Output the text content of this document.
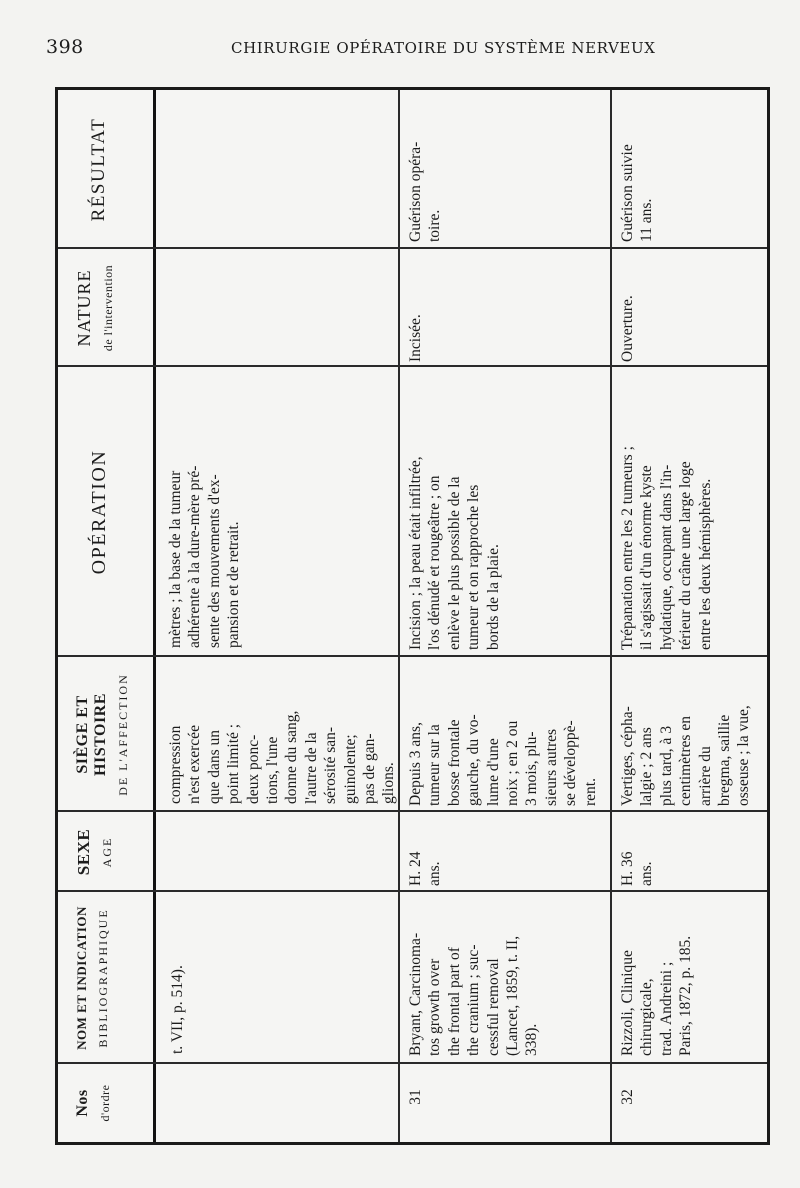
398	CHIRURGIE OPÉRATOIRE DU SYSTÈME NERVEUX
Nos d'ordre
NOM ET INDICATION BIBLIOGRAPHIQUE
SEXE AGE
SIÈGE ET HISTOIRE DE L'AFFECTION
OPÉRATION
NATURE de l'intervention
RÉSULTAT
t. VII, p. 514).
compression
n'est exercée
que dans un
point limité ;
deux ponc-
tions, l'une
donne du sang,
l'autre de la
sérosité san-
guinolente;
pas de gan-
glions.
mètres ; la base de la tumeur
adhérente à la dure-mère pré-
sente des mouvements d'ex-
pansion et de retrait.
31
Bryant, Carcinoma-
tos growth over
the frontal part of
the cranium ; suc-
cessful removal
(Lancet, 1859, t. II,
338).
H. 24
ans.
Depuis 3 ans,
tumeur sur la
bosse frontale
gauche, du vo-
lume d'une
noix ; en 2 ou
3 mois, plu-
sieurs autres
se développè-
rent.
Incision ; la peau était infiltrée,
l'os dénudé et rougeâtre ; on
enlève le plus possible de la
tumeur et on rapproche les
bords de la plaie.
Incisée.
Guérison opéra-
toire.
32
Rizzoli, Clinique
chirurgicale,
trad. Andreini ;
Paris, 1872, p. 185.
H. 36
ans.
Vertiges, cépha-
lalgie ; 2 ans
plus tard, à 3
centimètres en
arrière du
bregma, saillie
osseuse ; la vue,
Trépanation entre les 2 tumeurs ;
il s'agissait d'un énorme kyste
hydatique, occupant dans l'in-
térieur du crâne une large loge
entre les deux hémisphères.
Ouverture.
Guérison suivie
11 ans.
